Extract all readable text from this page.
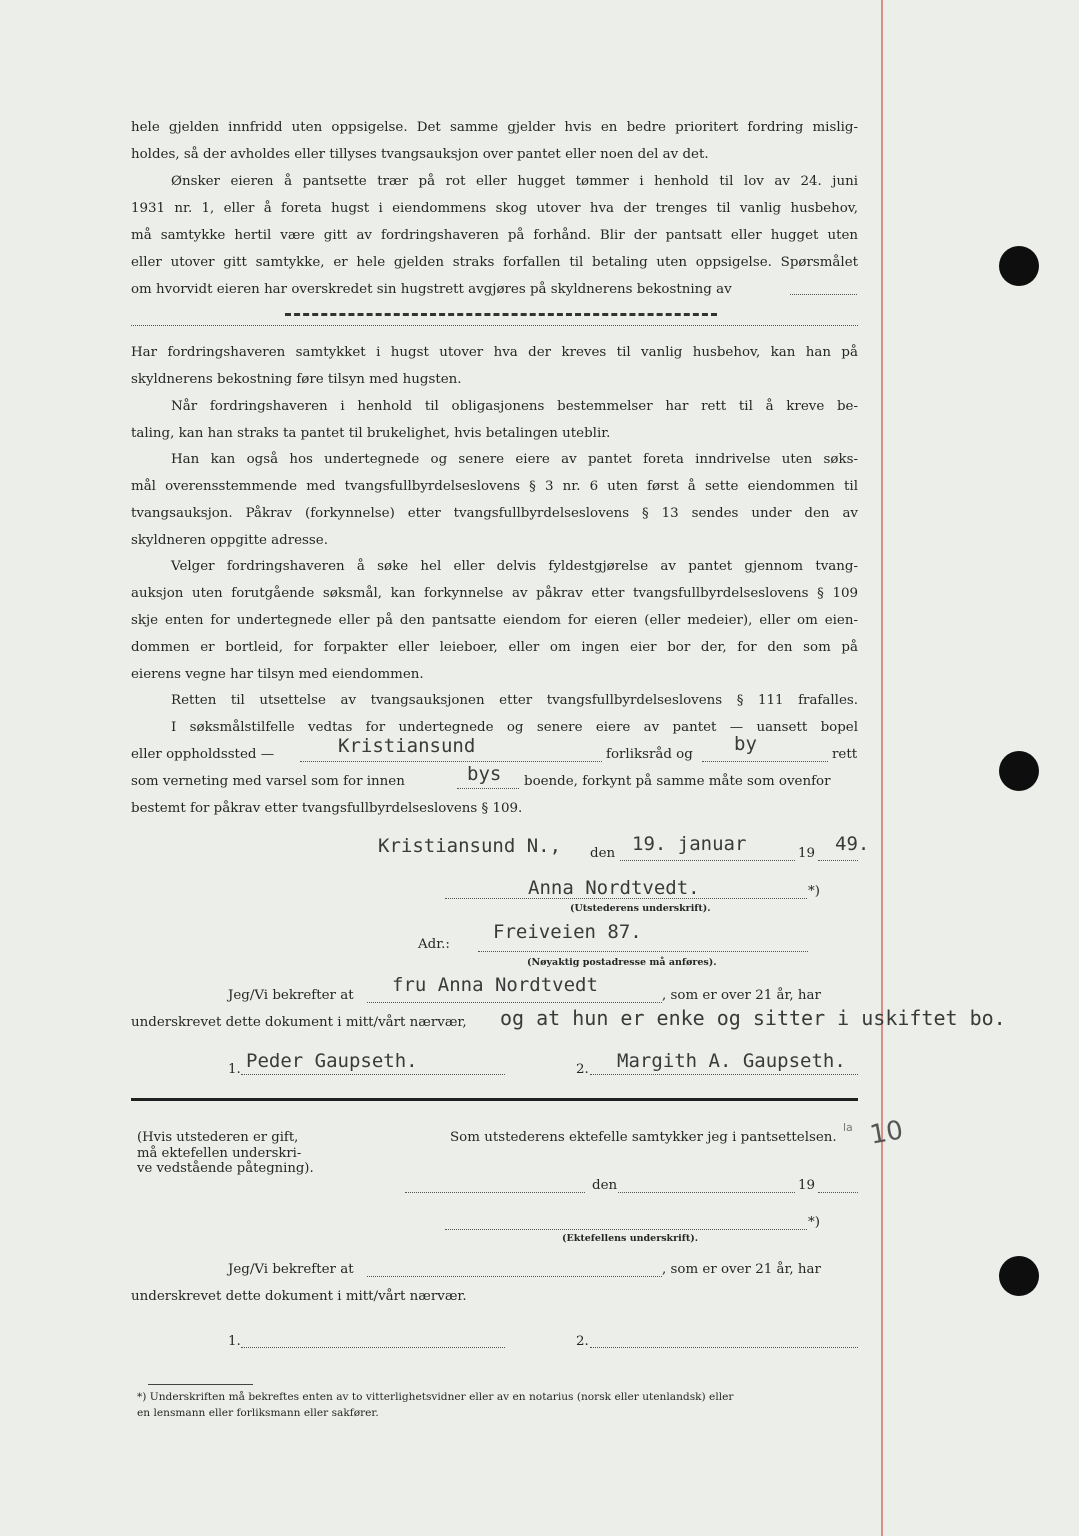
hele gjelden innfridd uten oppsigelse. Det samme gjelder hvis en bedre prioritert fordring mislig-

holdes, så der avholdes eller tillyses tvangsauksjon over pantet eller noen del av det.

Ønsker eieren å pantsette trær på rot eller hugget tømmer i henhold til lov av 24. juni

1931 nr. 1, eller å foreta hugst i eiendommens skog utover hva der trenges til vanlig husbehov,

må samtykke hertil være gitt av fordringshaveren på forhånd. Blir der pantsatt eller hugget uten

eller utover gitt samtykke, er hele gjelden straks forfallen til betaling uten oppsigelse. Spørsmålet

om hvorvidt eieren har overskredet sin hugstrett avgjøres på skyldnerens bekostning av

Har fordringshaveren samtykket i hugst utover hva der kreves til vanlig husbehov, kan han på

skyldnerens bekostning føre tilsyn med hugsten.

Når fordringshaveren i henhold til obligasjonens bestemmelser har rett til å kreve be-

taling, kan han straks ta pantet til brukelighet, hvis betalingen uteblir.

Han kan også hos undertegnede og senere eiere av pantet foreta inndrivelse uten søks-

mål overensstemmende med tvangsfullbyrdelseslovens § 3 nr. 6 uten først å sette eiendommen til

tvangsauksjon. Påkrav (forkynnelse) etter tvangsfullbyrdelseslovens § 13 sendes under den av

skyldneren oppgitte adresse.

Velger fordringshaveren å søke hel eller delvis fyldestgjørelse av pantet gjennom tvang-

auksjon uten forutgående søksmål, kan forkynnelse av påkrav etter tvangsfullbyrdelseslovens § 109

skje enten for undertegnede eller på den pantsatte eiendom for eieren (eller medeier), eller om eien-

dommen er bortleid, for forpakter eller leieboer, eller om ingen eier bor der, for den som på

eierens vegne har tilsyn med eiendommen.

Retten til utsettelse av tvangsauksjonen etter tvangsfullbyrdelseslovens § 111 frafalles.

I søksmålstilfelle vedtas for undertegnede og senere eiere av pantet — uansett bopel

eller oppholdssted —	Kristiansund	forliksråd og by	rett
som verneting med varsel som for innen	bys boende, forkynt på samme måte som ovenfor
bestemt for påkrav etter tvangsfullbyrdelseslovens § 109.
Kristiansund N., den 19. januar	19 49.
Anna Nordtvedt.	*)
(Utstederens underskrift).
Adr.:
Freiveien 87.
(Nøyaktig postadresse må anføres).
Jeg/Vi bekrefter at fru Anna Nordtvedt	, som er over 21 år, har
underskrevet dette dokument i mitt/vårt nærvær, og at hun er enke og sitter i uskiftet bo.
1. Peder Gaupseth.	2. Margith A. Gaupseth.
(Hvis utstederen er gift,
må ektefellen underskri-
ve vedstående påtegning).
Som utstederens ektefelle samtykker jeg i pantsettelsen.
la 10
den	19
*)
(Ektefellens underskrift).
Jeg/Vi bekrefter at	, som er over 21 år, har
underskrevet dette dokument i mitt/vårt nærvær.
1.	2.
*) Underskriften må bekreftes enten av to vitterlighetsvidner eller av en notarius (norsk eller utenlandsk) eller
en lensmann eller forliksmann eller sakfører.
